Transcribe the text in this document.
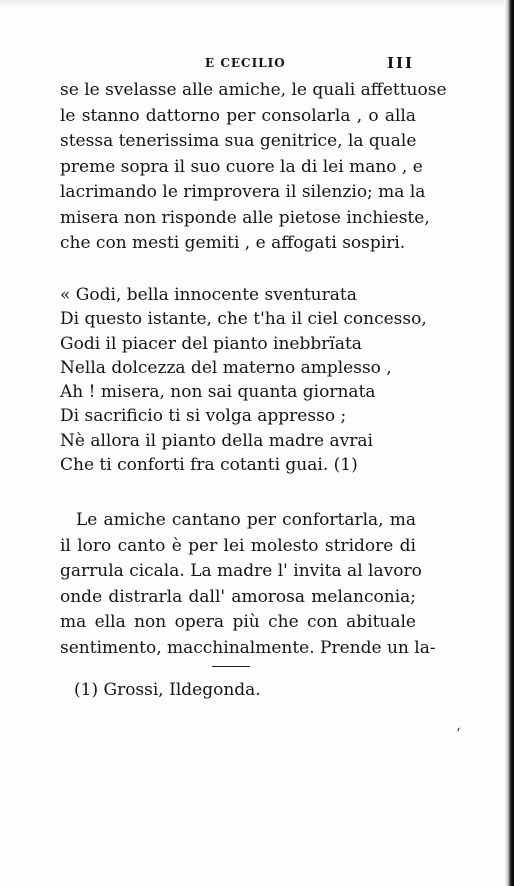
E CECILIO	III
se le svelasse alle amiche, le quali affettuose
le stanno dattorno per consolarla , o alla
stessa tenerissima sua genitrice, la quale
preme sopra il suo cuore la di lei mano , e
lacrimando le rimprovera il silenzio; ma la
misera non risponde alle pietose inchieste,
che con mesti gemiti , e affogati sospiri.
« Godi, bella innocente sventurata
Di questo istante, che t'ha il ciel concesso,
Godi il piacer del pianto inebbrïata
Nella dolcezza del materno amplesso ,
Ah ! misera, non sai quanta giornata
Di sacrificio ti si volga appresso ;
Nè allora il pianto della madre avrai
Che ti conforti fra cotanti guai. (1)
Le amiche cantano per confortarla, ma
il loro canto è per lei molesto stridore di
garrula cicala. La madre l' invita al lavoro
onde distrarla dall' amorosa melanconia;
ma ella non opera più che con abituale
sentimento, macchinalmente. Prende un la-
(1) Grossi, Ildegonda.
‘
